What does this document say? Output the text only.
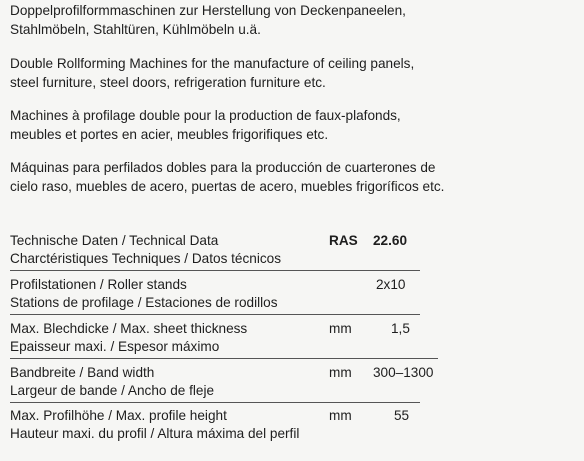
Doppelprofilformmaschinen zur Herstellung von Deckenpaneelen,

Stahlmöbeln, Stahltüren, Kühlmöbeln u.ä.

Double Rollforming Machines for the manufacture of ceiling panels,

steel furniture, steel doors, refrigeration furniture etc.

Machines à profilage double pour la production de faux-plafonds,

meubles et portes en acier, meubles frigorifiques etc.

Máquinas para perfilados dobles para la producción de cuarterones de

cielo raso, muebles de acero, puertas de acero, muebles frigoríficos etc.

Technische Daten / Technical Data
Charctéristiques Techniques / Datos técnicos
RAS 22.60
Profilstationen / Roller stands
Stations de profilage / Estaciones de rodillos
2x10
Max. Blechdicke / Max. sheet thickness
Epaisseur maxi. / Espesor máximo
mm	1,5
Bandbreite / Band width
Largeur de bande / Ancho de fleje
mm 300–1300
Max. Profilhöhe / Max. profile height
Hauteur maxi. du profil / Altura máxima del perfil
mm	55
